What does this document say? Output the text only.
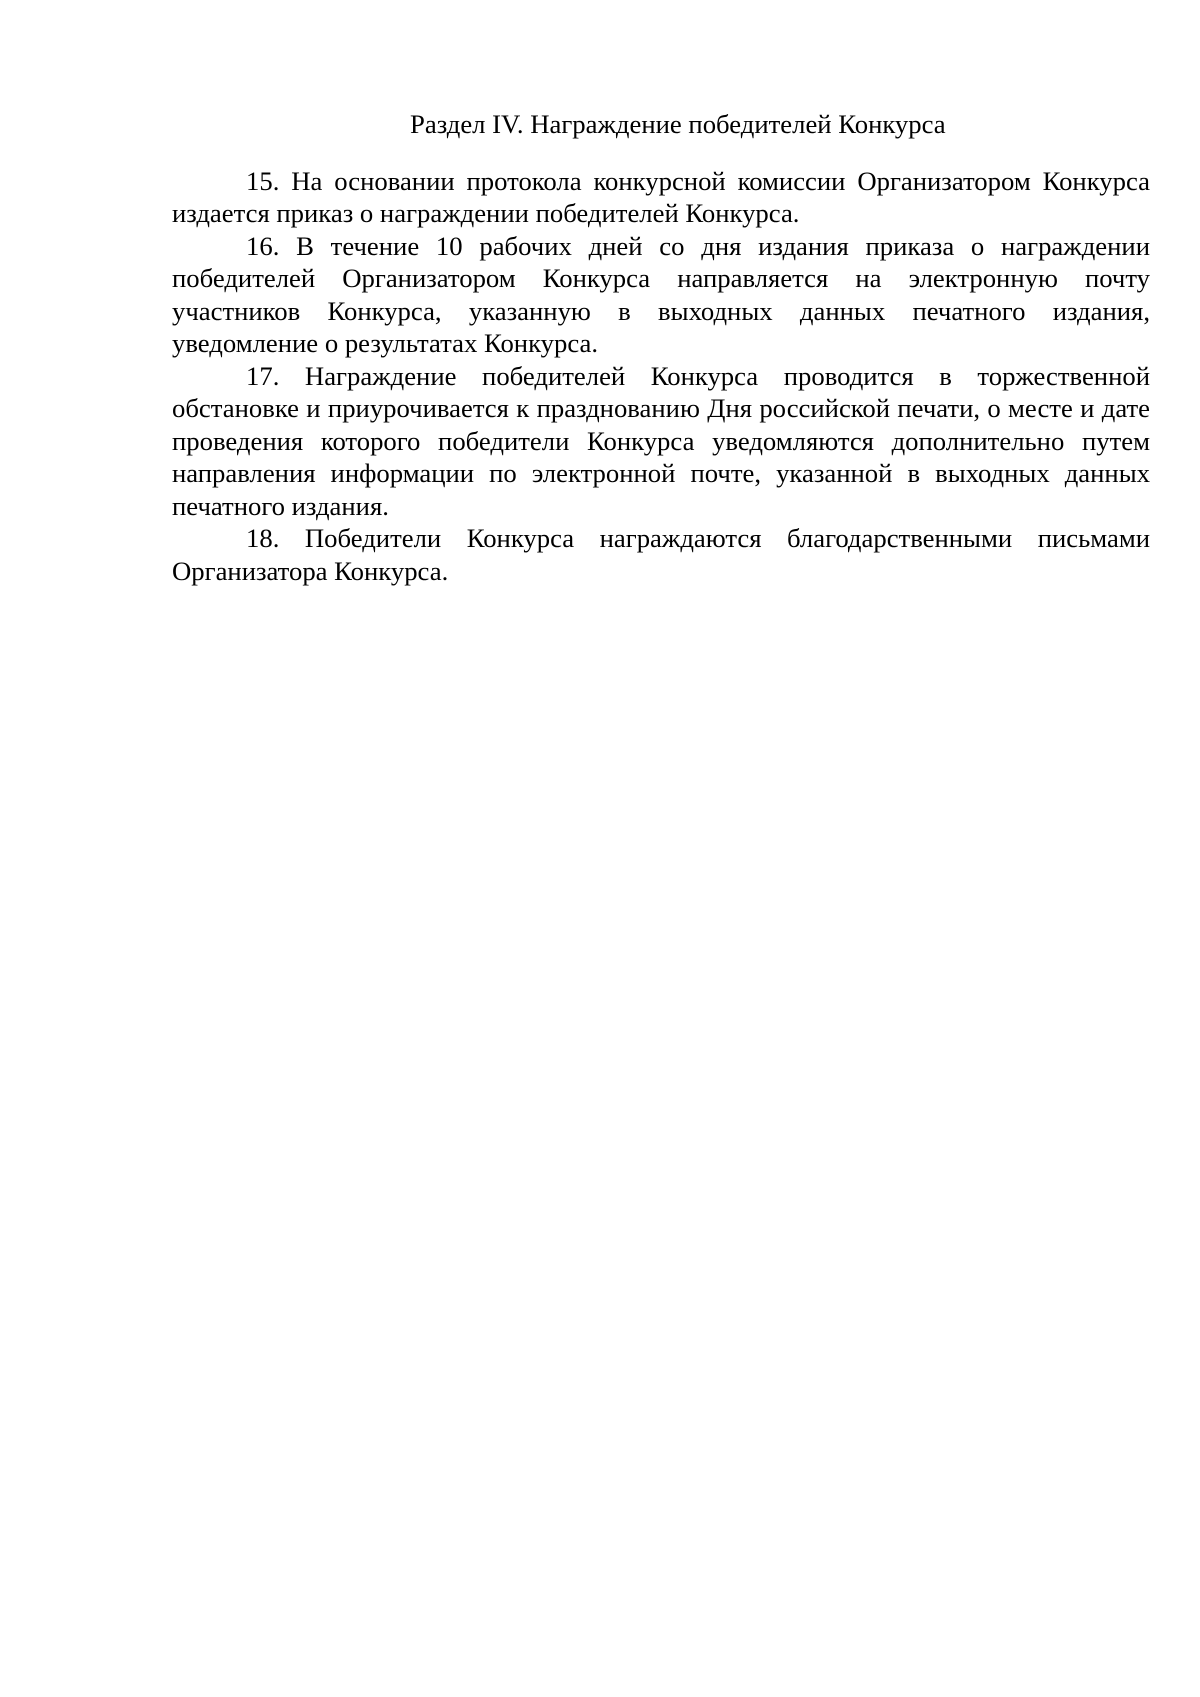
Раздел IV. Награждение победителей Конкурса

15. На основании протокола конкурсной комиссии Организатором Конкурса издается приказ о награждении победителей Конкурса.

16. В течение 10 рабочих дней со дня издания приказа о награждении победителей Организатором Конкурса направляется на электронную почту участников Конкурса, указанную в выходных данных печатного издания, уведомление о результатах Конкурса.

17. Награждение победителей Конкурса проводится в торжественной обстановке и приурочивается к празднованию Дня российской печати, о месте и дате проведения которого победители Конкурса уведомляются дополнительно путем направления информации по электронной почте, указанной в выходных данных печатного издания.

18. Победители Конкурса награждаются благодарственными письмами Организатора Конкурса.
